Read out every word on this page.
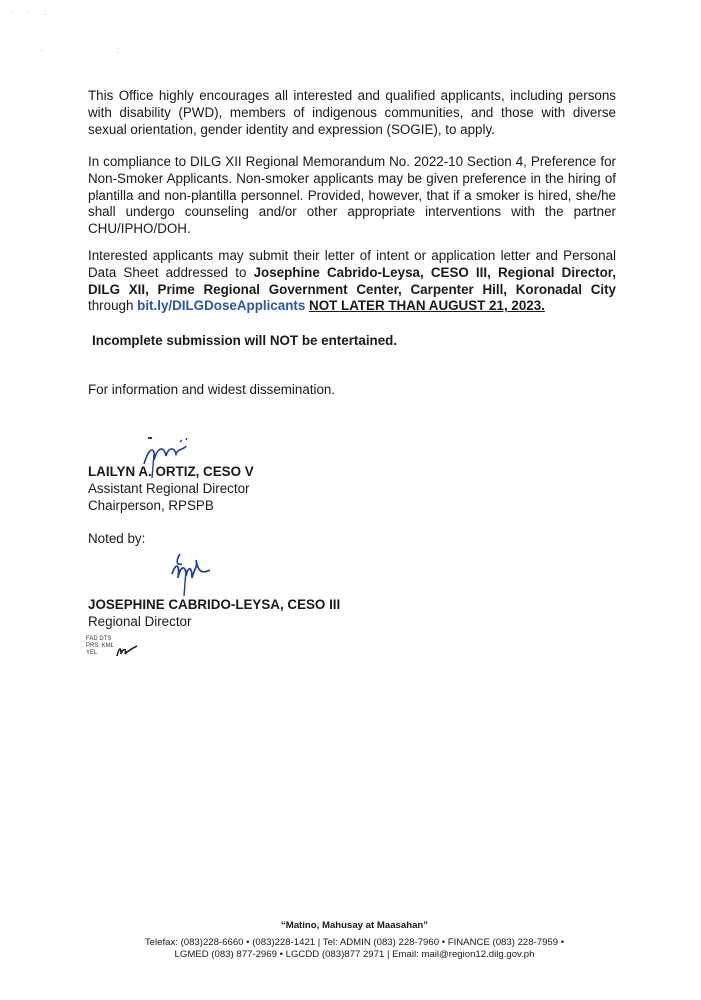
· · :
· :

This Office highly encourages all interested and qualified applicants, including persons with disability (PWD), members of indigenous communities, and those with diverse sexual orientation, gender identity and expression (SOGIE), to apply.

In compliance to DILG XII Regional Memorandum No. 2022-10 Section 4, Preference for Non-Smoker Applicants. Non-smoker applicants may be given preference in the hiring of plantilla and non-plantilla personnel. Provided, however, that if a smoker is hired, she/he shall undergo counseling and/or other appropriate interventions with the partner CHU/IPHO/DOH.

Interested applicants may submit their letter of intent or application letter and Personal Data Sheet addressed to Josephine Cabrido-Leysa, CESO III, Regional Director, DILG XII, Prime Regional Government Center, Carpenter Hill, Koronadal City through bit.ly/DILGDoseApplicants NOT LATER THAN AUGUST 21, 2023.

Incomplete submission will NOT be entertained.

For information and widest dissemination.

LAILYN A. ORTIZ, CESO V
Assistant Regional Director
Chairperson, RPSPB
Noted by:
JOSEPHINE CABRIDO-LEYSA, CESO III
Regional Director
FAD DTS
PRS: KML
YEL
“Matino, Mahusay at Maasahan”
Telefax: (083)228-6660 • (083)228-1421 | Tel: ADMIN (083) 228-7960 • FINANCE (083) 228-7959 •
LGMED (083) 877-2969 • LGCDD (083)877 2971 | Email: mail@region12.dilg.gov.ph
